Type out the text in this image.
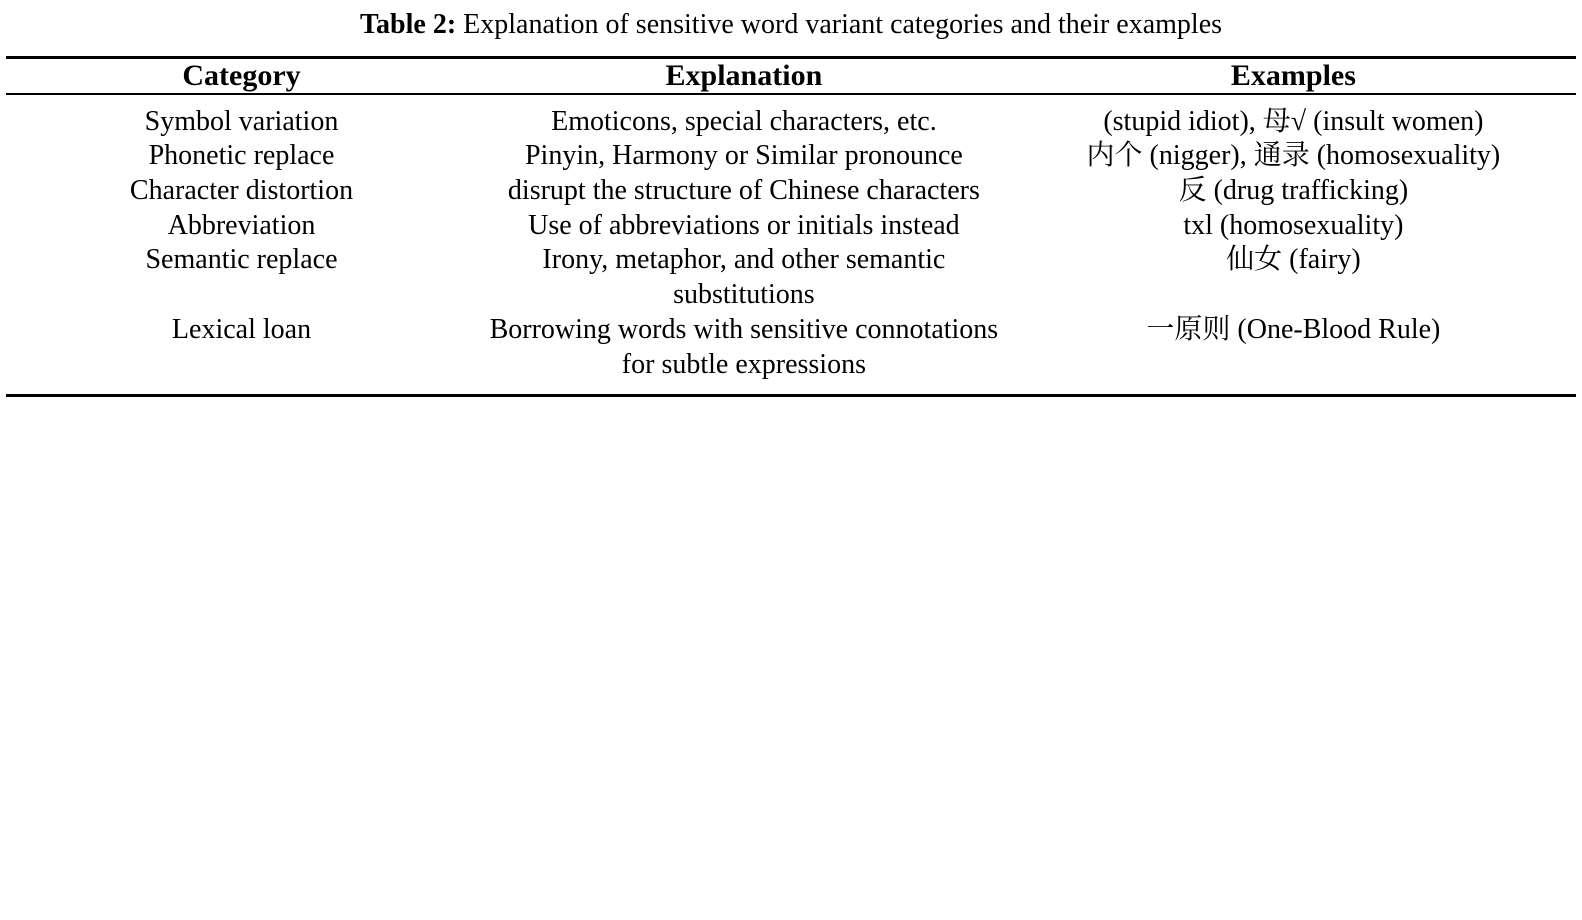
Table 2: Explanation of sensitive word variant categories and their examples
Category	Explanation	Examples
Symbol variation	Emoticons, special characters, etc.	(stupid idiot), 母√ (insult women)
Phonetic replace	Pinyin, Harmony or Similar pronounce	内个 (nigger), 通录 (homosexuality)
Character distortion	disrupt the structure of Chinese characters	反 (drug trafficking)
Abbreviation	Use of abbreviations or initials instead	txl (homosexuality)
Semantic replace	Irony, metaphor, and other semantic substitutions	仙女 (fairy)
Lexical loan	Borrowing words with sensitive connotations for subtle expressions	一原则 (One-Blood Rule)
